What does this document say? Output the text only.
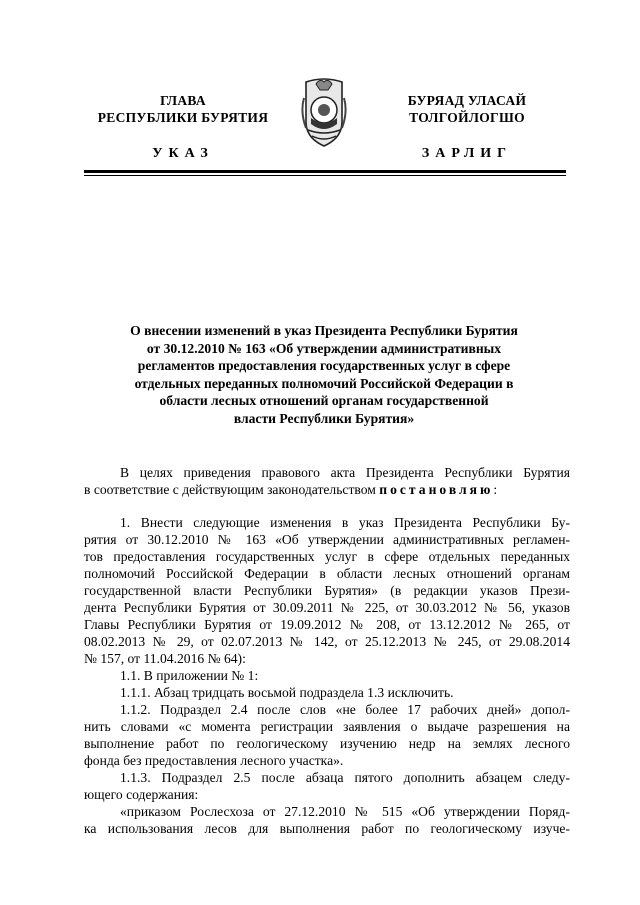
ГЛАВА
РЕСПУБЛИКИ БУРЯТИЯ
УКАЗ
БУРЯАД УЛАСАЙ
ТОЛГОЙЛОГШО
ЗАРЛИГ
О внесении изменений в указ Президента Республики Бурятия
от 30.12.2010 № 163 «Об утверждении административных
регламентов предоставления государственных услуг в сфере
отдельных переданных полномочий Российской Федерации в
области лесных отношений органам государственной
власти Республики Бурятия»
В целях приведения правового акта Президента Республики Бурятия
в соответствие с действующим законодательством постановляю:
1. Внести следующие изменения в указ Президента Республики Бу-
рятия от 30.12.2010 № 163 «Об утверждении административных регламен-
тов предоставления государственных услуг в сфере отдельных переданных
полномочий Российской Федерации в области лесных отношений органам
государственной власти Республики Бурятия» (в редакции указов Прези-
дента Республики Бурятия от 30.09.2011 № 225, от 30.03.2012 № 56, указов
Главы Республики Бурятия от 19.09.2012 № 208, от 13.12.2012 № 265, от
08.02.2013 № 29, от 02.07.2013 № 142, от 25.12.2013 № 245, от 29.08.2014
№ 157, от 11.04.2016 № 64):
1.1. В приложении № 1:
1.1.1. Абзац тридцать восьмой подраздела 1.3 исключить.
1.1.2. Подраздел 2.4 после слов «не более 17 рабочих дней» допол-
нить словами «с момента регистрации заявления о выдаче разрешения на
выполнение работ по геологическому изучению недр на землях лесного
фонда без предоставления лесного участка».
1.1.3. Подраздел 2.5 после абзаца пятого дополнить абзацем следу-
ющего содержания:
«приказом Рослесхоза от 27.12.2010 № 515 «Об утверждении Поряд-
ка использования лесов для выполнения работ по геологическому изуче-
